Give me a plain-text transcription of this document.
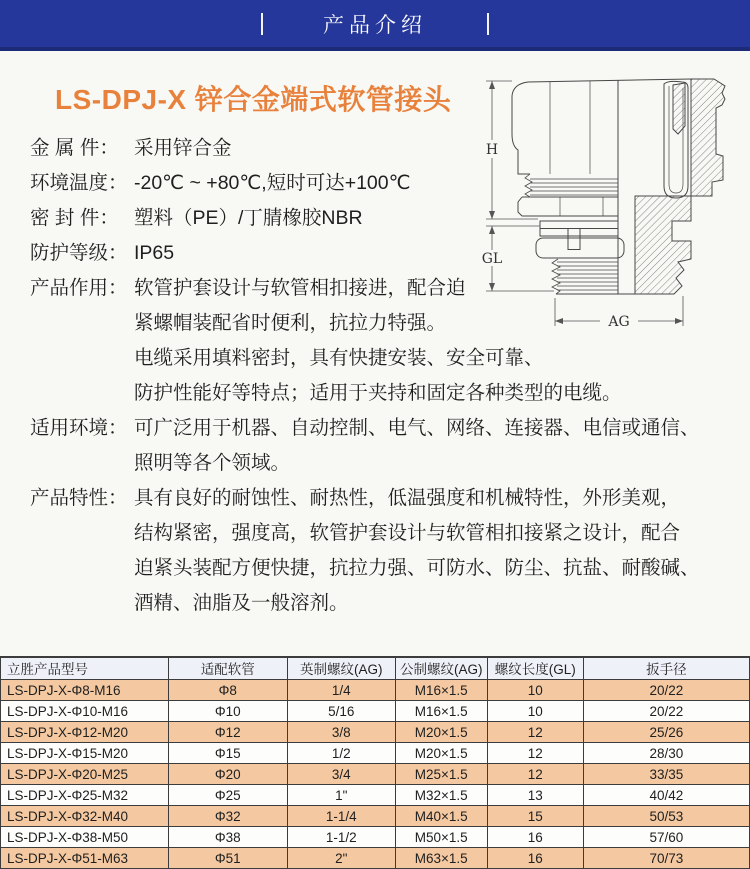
|	产品介绍	|
LS-DPJ-X 锌合金端式软管接头
H
GL
AG
金 属 件： 采用锌合金
环境温度： -20℃ ~ +80℃,短时可达+100℃
密 封 件： 塑料（PE）/丁腈橡胶NBR
防护等级： IP65
产品作用： 软管护套设计与软管相扣接进，配合迫
紧螺帽装配省时便利，抗拉力特强。
电缆采用填料密封，具有快捷安装、安全可靠、
防护性能好等特点；适用于夹持和固定各种类型的电缆。
适用环境： 可广泛用于机器、自动控制、电气、网络、连接器、电信或通信、
照明等各个领域。
产品特性： 具有良好的耐蚀性、耐热性，低温强度和机械特性，外形美观，
结构紧密，强度高，软管护套设计与软管相扣接紧之设计，配合
迫紧头装配方便快捷，抗拉力强、可防水、防尘、抗盐、耐酸碱、
酒精、油脂及一般溶剂。
立胜产品型号	适配软管	英制螺纹(AG)	公制螺纹(AG)	螺纹长度(GL)	扳手径
LS-DPJ-X-Φ8-M16	Φ8	1/4	M16×1.5	10	20/22
LS-DPJ-X-Φ10-M16	Φ10	5/16	M16×1.5	10	20/22
LS-DPJ-X-Φ12-M20	Φ12	3/8	M20×1.5	12	25/26
LS-DPJ-X-Φ15-M20	Φ15	1/2	M20×1.5	12	28/30
LS-DPJ-X-Φ20-M25	Φ20	3/4	M25×1.5	12	33/35
LS-DPJ-X-Φ25-M32	Φ25	1"	M32×1.5	13	40/42
LS-DPJ-X-Φ32-M40	Φ32	1-1/4	M40×1.5	15	50/53
LS-DPJ-X-Φ38-M50	Φ38	1-1/2	M50×1.5	16	57/60
LS-DPJ-X-Φ51-M63	Φ51	2"	M63×1.5	16	70/73
